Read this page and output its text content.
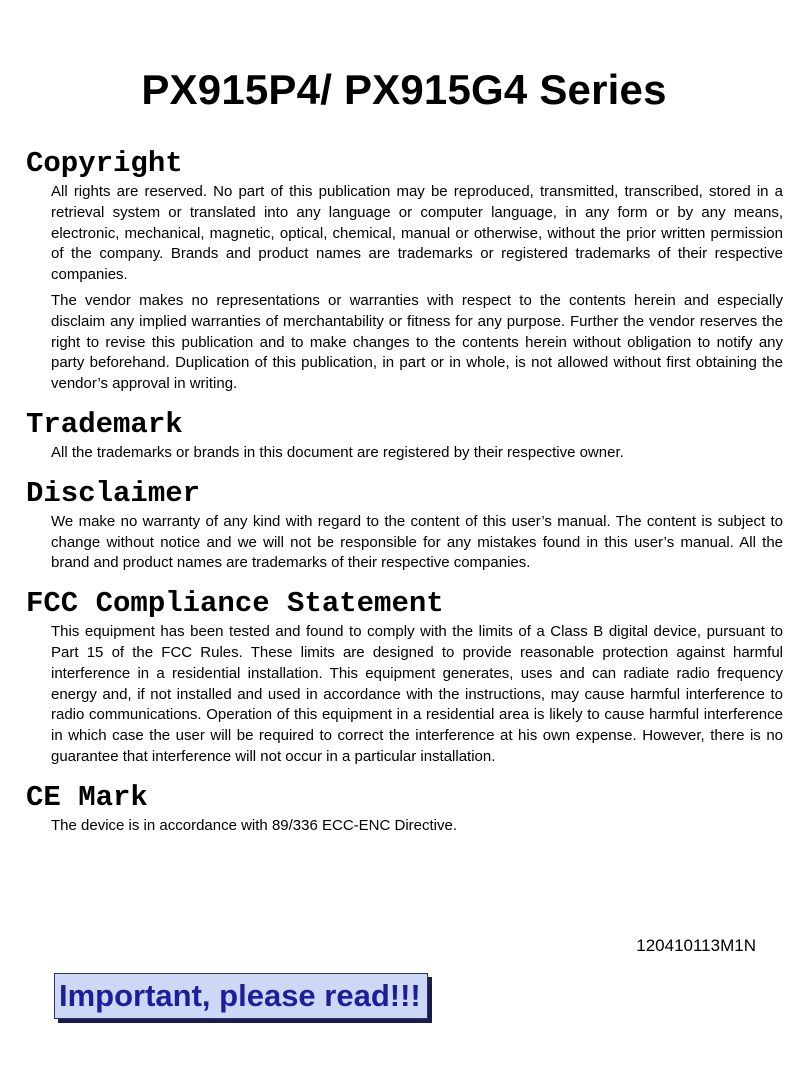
PX915P4/ PX915G4 Series
Copyright

All rights are reserved. No part of this publication may be reproduced, transmitted, transcribed, stored in a retrieval system or translated into any language or computer language, in any form or by any means, electronic, mechanical, magnetic, optical, chemical, manual or otherwise, without the prior written permission of the company. Brands and product names are trademarks or registered trademarks of their respective companies.

The vendor makes no representations or warranties with respect to the contents herein and especially disclaim any implied warranties of merchantability or fitness for any purpose. Further the vendor reserves the right to revise this publication and to make changes to the contents herein without obligation to notify any party beforehand. Duplication of this publication, in part or in whole, is not allowed without first obtaining the vendor’s approval in writing.

Trademark

All the trademarks or brands in this document are registered by their respective owner.

Disclaimer

We make no warranty of any kind with regard to the content of this user’s manual. The content is subject to change without notice and we will not be responsible for any mistakes found in this user’s manual. All the brand and product names are trademarks of their respective companies.

FCC Compliance Statement

This equipment has been tested and found to comply with the limits of a Class B digital device, pursuant to Part 15 of the FCC Rules. These limits are designed to provide reasonable protection against harmful interference in a residential installation. This equipment generates, uses and can radiate radio frequency energy and, if not installed and used in accordance with the instructions, may cause harmful interference to radio communications. Operation of this equipment in a residential area is likely to cause harmful interference in which case the user will be required to correct the interference at his own expense. However, there is no guarantee that interference will not occur in a particular installation.

CE Mark

The device is in accordance with 89/336 ECC-ENC Directive.

120410113M1N
Important, please read!!!
